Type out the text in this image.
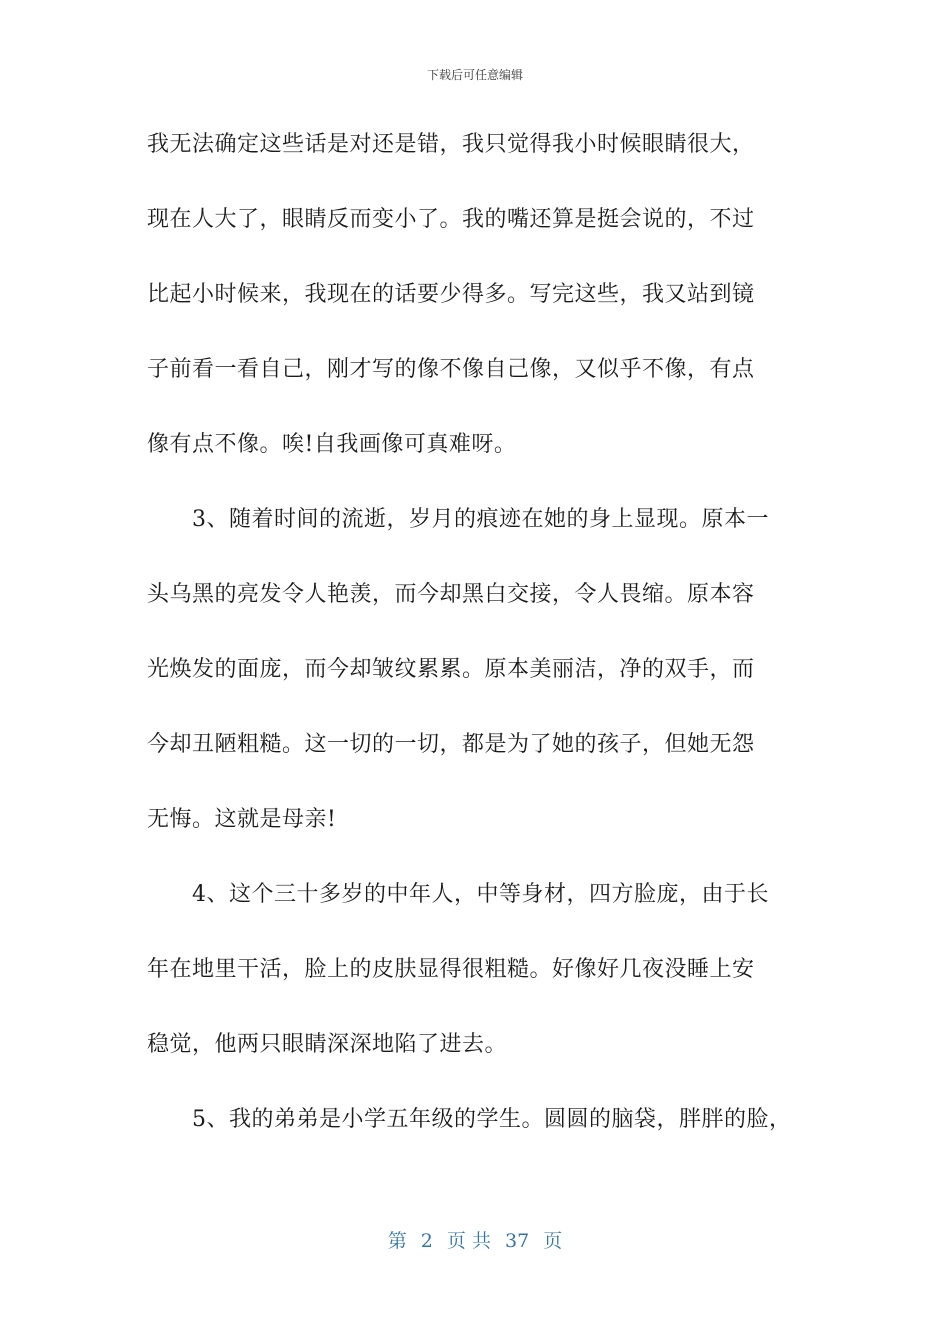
下载后可任意编辑
我无法确定这些话是对还是错，我只觉得我小时候眼睛很大，
现在人大了，眼睛反而变小了。我的嘴还算是挺会说的，不过
比起小时候来，我现在的话要少得多。写完这些，我又站到镜
子前看一看自己，刚才写的像不像自己像，又似乎不像，有点
像有点不像。唉!自我画像可真难呀。
3、随着时间的流逝，岁月的痕迹在她的身上显现。原本一
头乌黑的亮发令人艳羡，而今却黑白交接，令人畏缩。原本容
光焕发的面庞，而今却皱纹累累。原本美丽洁，净的双手，而
今却丑陋粗糙。这一切的一切，都是为了她的孩子，但她无怨
无悔。这就是母亲!
4、这个三十多岁的中年人，中等身材，四方脸庞，由于长
年在地里干活，脸上的皮肤显得很粗糙。好像好几夜没睡上安
稳觉，他两只眼睛深深地陷了进去。
5、我的弟弟是小学五年级的学生。圆圆的脑袋，胖胖的脸，
第 2 页 共 37 页
